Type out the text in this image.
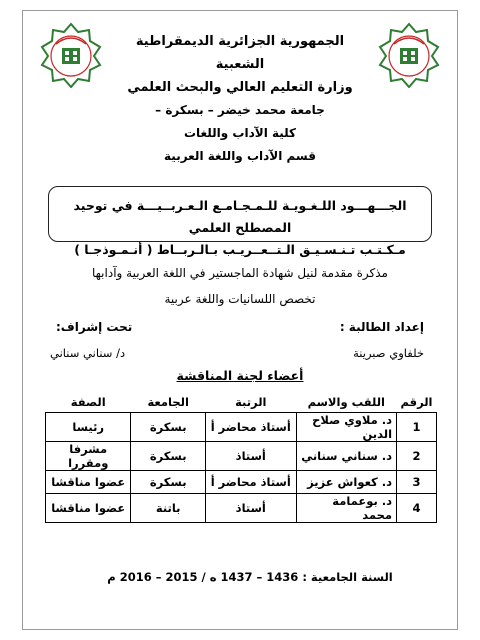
الجمهورية الجزائرية الديمقراطية الشعبية
وزارة التعليم العالي والبحث العلمي
جامعة محمد خيضر – بسكرة –
كلية الآداب واللغات
قسم الآداب واللغة العربية
الجـــهـــود اللـغـويـة للـمـجـامـع الـعـربــيـــة في توحيد المصطلح العلمي
مـكـتـب تـنـسـيـق الـتــعــريـب بـالـربــاط ( أنـمـوذجـا )
مذكرة مقدمة لنيل شهادة الماجستير في اللغة العربية وآدابها
تخصص اللسانيات واللغة عربية
إعداد الطالبة :
خلفاوي صبرينة
تحت إشراف:
د/ سناني سناني
أعضاء لجنة المناقشة
الرقم	اللقب والاسم	الرتبة	الجامعة	الصفة
1	د. ملاوي صلاح الدين	أستاذ محاضر أ	بسكرة	رئيسا
2	د. سناني سناني	أستاذ	بسكرة	مشرفا ومقررا
3	د. كعواش عزيز	أستاذ محاضر أ	بسكرة	عضوا مناقشا
4	د. بوعمامة محمد	أستاذ	باتنة	عضوا مناقشا
السنة الجامعية : 1436 – 1437 ه / 2015 – 2016 م
